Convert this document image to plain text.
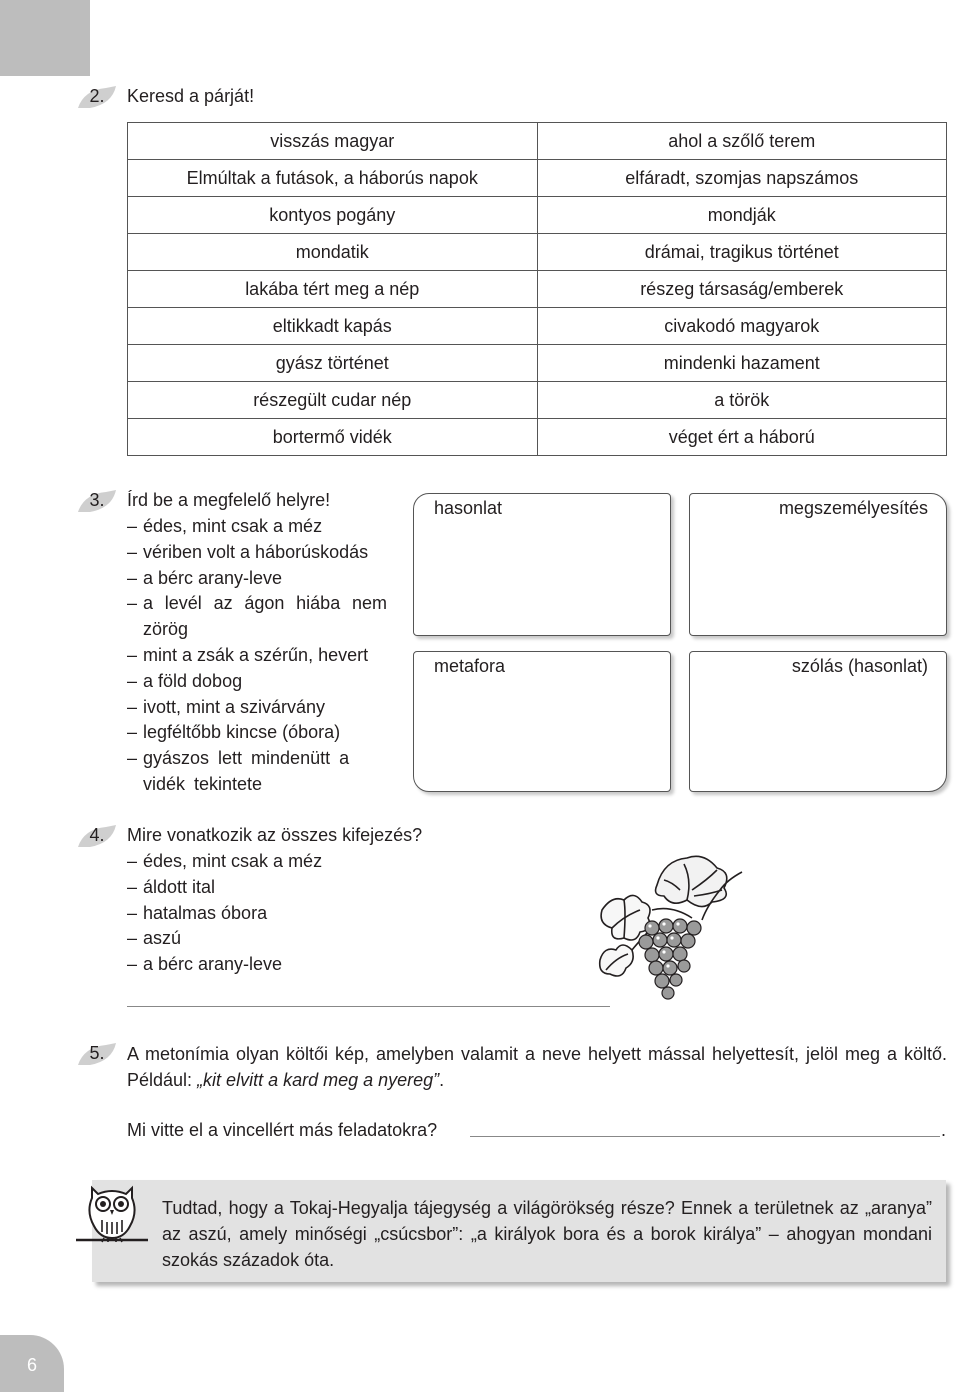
2.	Keresd a párját!
visszás magyar	ahol a szőlő terem
Elmúltak a futások, a háborús napok	elfáradt, szomjas napszámos
kontyos pogány	mondják
mondatik	drámai, tragikus történet
lakába tért meg a nép	részeg társaság/emberek
eltikkadt kapás	civakodó magyarok
gyász történet	mindenki hazament
részegült cudar nép	a török
bortermő vidék	véget ért a háború
3.	Írd be a megfelelő helyre!
– édes, mint csak a méz
– vériben volt a háborúskodás
– a bérc arany-leve
– a levél az ágon hiába nem zörög
– mint a zsák a szérűn, hevert
– a föld dobog
– ivott, mint a szivárvány
– legféltőbb kincse (óbora)
– gyászos lett mindenütt a vidék tekintete
hasonlat	megszemélyesítés
metafora	szólás (hasonlat)
4.	Mire vonatkozik az összes kifejezés?
– édes, mint csak a méz
– áldott ital
– hatalmas óbora
– aszú
– a bérc arany-leve
5.	A metonímia olyan költői kép, amelyben valamit a neve helyett mással helyettesít, jelöl meg a költő. Például: „kit elvitt a kard meg a nyereg”.
Mi vitte el a vincellért más feladatokra?	.
Tudtad, hogy a Tokaj-Hegyalja tájegység a világörökség része? Ennek a területnek az „aranya” az aszú, amely minőségi „csúcsbor”: „a királyok bora és a borok királya” – ahogyan mondani szokás századok óta.
6
